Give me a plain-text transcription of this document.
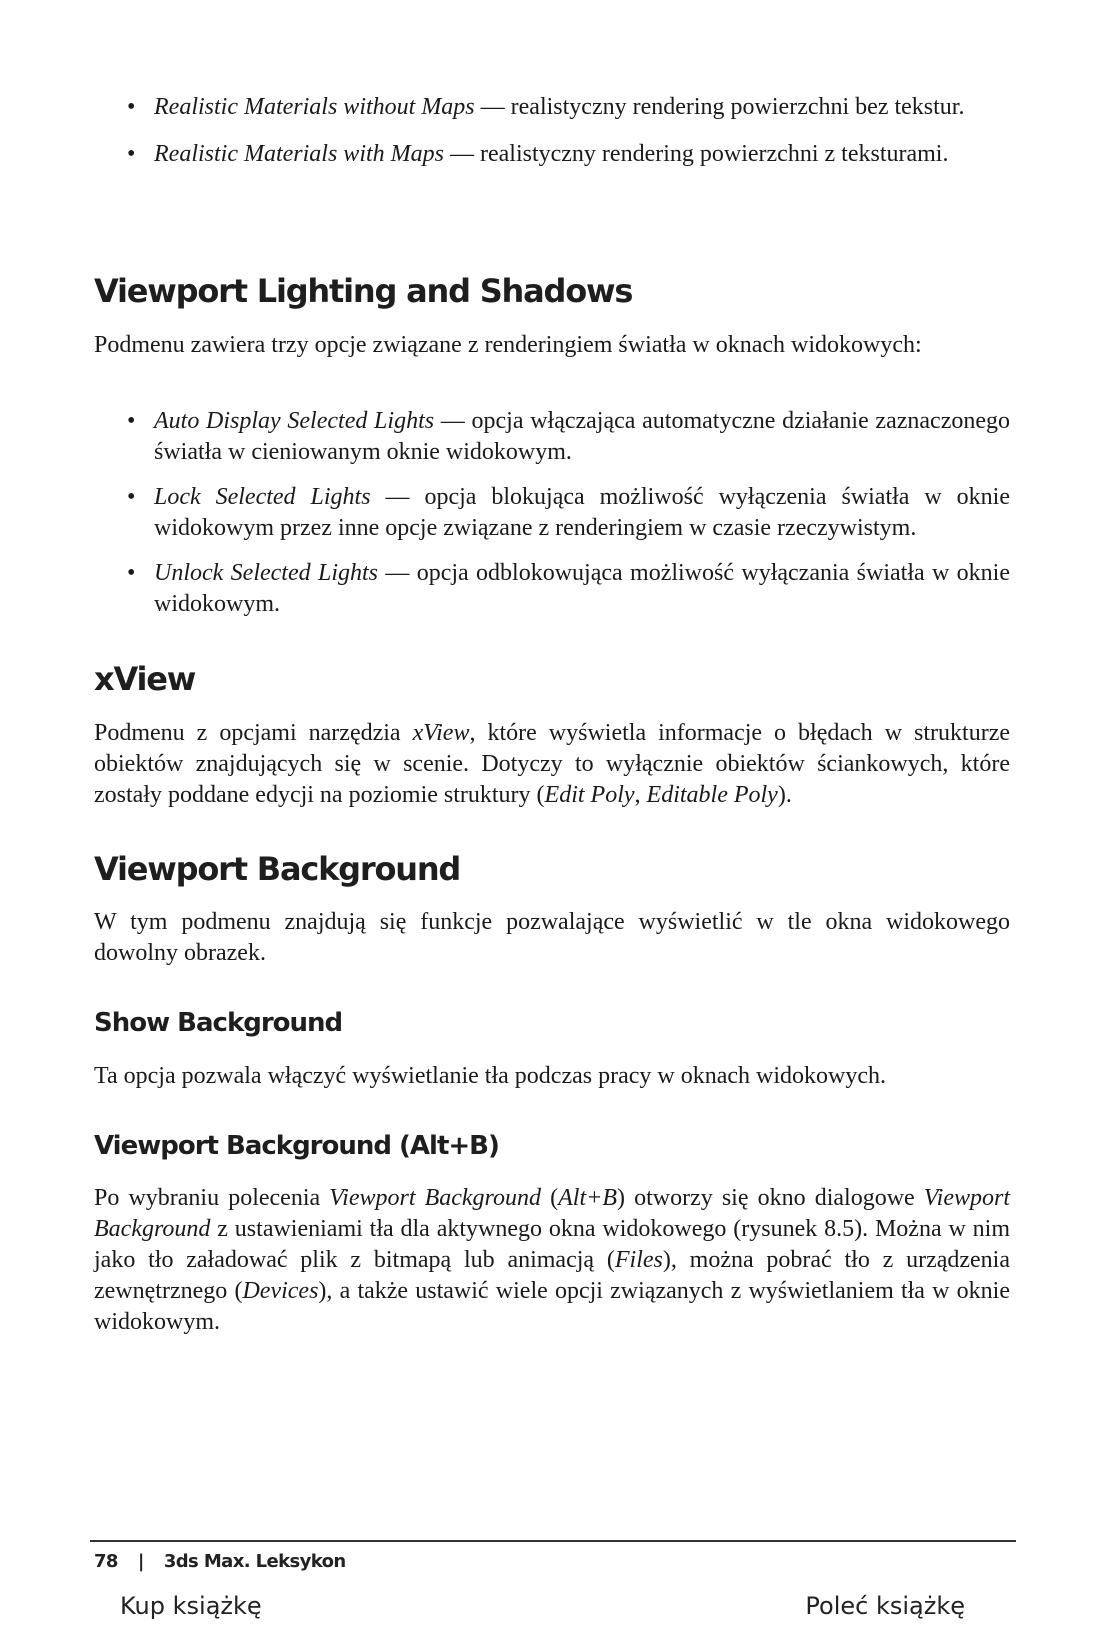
• Realistic Materials without Maps — realistyczny rendering powierzchni bez tekstur.
• Realistic Materials with Maps — realistyczny rendering powierzchni z teksturami.
Viewport Lighting and Shadows

Podmenu zawiera trzy opcje związane z renderingiem światła w oknach widokowych:

• Auto Display Selected Lights — opcja włączająca automatyczne działanie zaznaczonego światła w cieniowanym oknie widokowym.
• Lock Selected Lights — opcja blokująca możliwość wyłączenia światła w oknie widokowym przez inne opcje związane z renderingiem w czasie rzeczywistym.
• Unlock Selected Lights — opcja odblokowująca możliwość wyłączania światła w oknie widokowym.
xView

Podmenu z opcjami narzędzia xView, które wyświetla informacje o błędach w strukturze obiektów znajdujących się w scenie. Dotyczy to wyłącznie obiektów ściankowych, które zostały poddane edycji na poziomie struktury (Edit Poly, Editable Poly).

Viewport Background

W tym podmenu znajdują się funkcje pozwalające wyświetlić w tle okna widokowego dowolny obrazek.

Show Background

Ta opcja pozwala włączyć wyświetlanie tła podczas pracy w oknach widokowych.

Viewport Background (Alt+B)

Po wybraniu polecenia Viewport Background (Alt+B) otworzy się okno dialogowe Viewport Background z ustawieniami tła dla aktywnego okna widokowego (rysunek 8.5). Można w nim jako tło załadować plik z bitmapą lub animacją (Files), można pobrać tło z urządzenia zewnętrznego (Devices), a także ustawić wiele opcji związanych z wyświetlaniem tła w oknie widokowym.

78 | 3ds Max. Leksykon
Kup książkę	Poleć książkę
